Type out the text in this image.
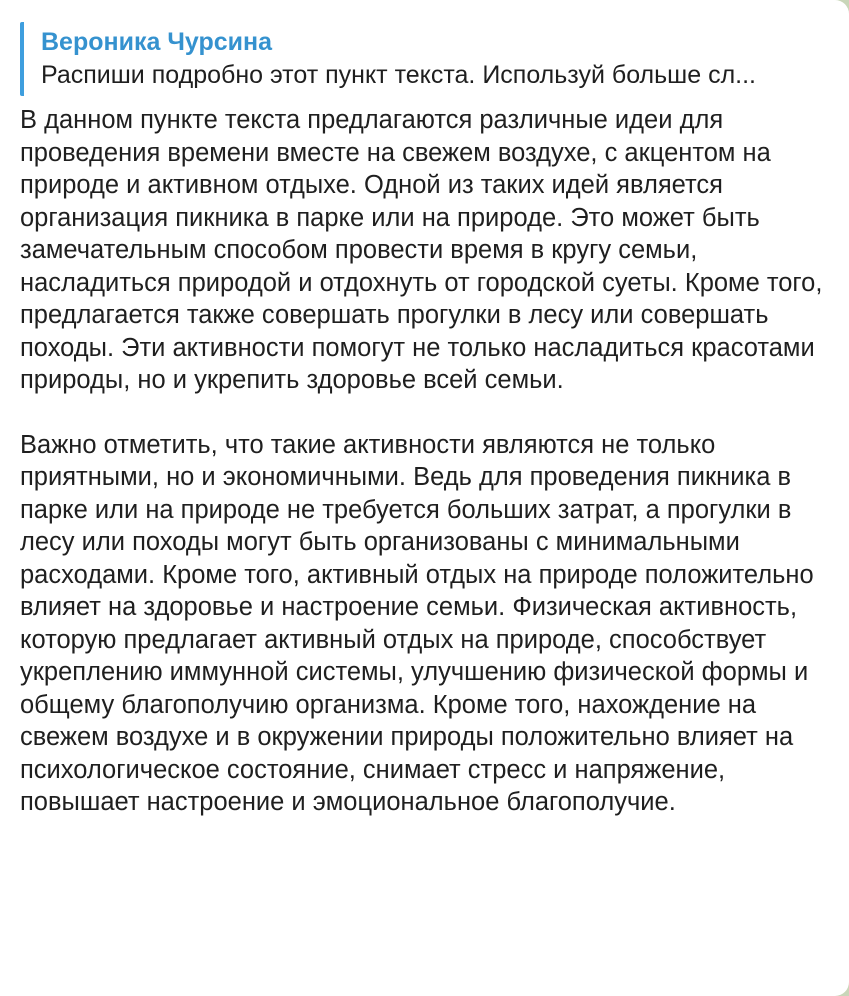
Вероника Чурсина
Распиши подробно этот пункт текста. Используй больше сл...

В данном пункте текста предлагаются различные идеи для проведения времени вместе на свежем воздухе, с акцентом на природе и активном отдыхе. Одной из таких идей является организация пикника в парке или на природе. Это может быть замечательным способом провести время в кругу семьи, насладиться природой и отдохнуть от городской суеты. Кроме того, предлагается также совершать прогулки в лесу или совершать походы. Эти активности помогут не только насладиться красотами природы, но и укрепить здоровье всей семьи.

Важно отметить, что такие активности являются не только приятными, но и экономичными. Ведь для проведения пикника в парке или на природе не требуется больших затрат, а прогулки в лесу или походы могут быть организованы с минимальными расходами. Кроме того, активный отдых на природе положительно влияет на здоровье и настроение семьи. Физическая активность, которую предлагает активный отдых на природе, способствует укреплению иммунной системы, улучшению физической формы и общему благополучию организма. Кроме того, нахождение на свежем воздухе и в окружении природы положительно влияет на психологическое состояние, снимает стресс и напряжение, повышает настроение и эмоциональное благополучие.
